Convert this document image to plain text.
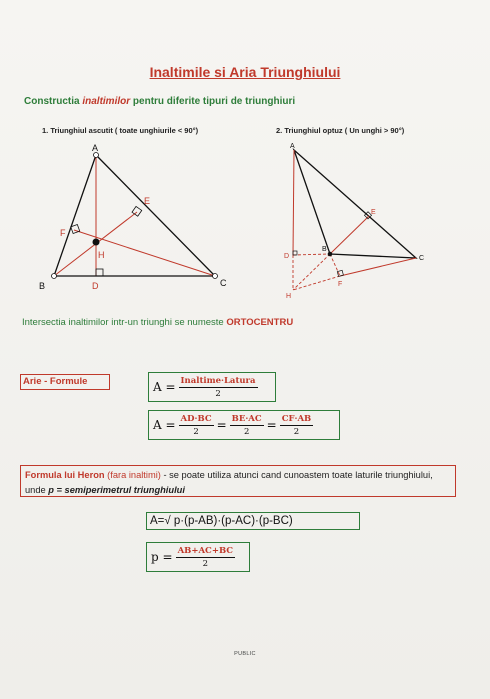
Inaltimile si Aria Triunghiului
Constructia inaltimilor pentru diferite tipuri de triunghiuri
1. Triunghiul ascutit ( toate unghiurile < 90°)
A
B	C
D
E
F
H
2. Triunghiul optuz ( Un unghi > 90°)
A
B
C
D
E
F
H
Intersectia inaltimilor intr-un triunghi se numeste ORTOCENTRU
Arie - Formule	$A = \frac{\text{Inaltime·Latura}}{2}$
$A = \frac{AD\cdot BC}{2} = \frac{BE\cdot AC}{2} = \frac{CF\cdot AB}{2}$
Formula lui Heron (fara inaltimi) - se poate utiliza atunci cand cunoastem toate laturile triunghiului, unde p = semiperimetrul triunghiului
A=√ p·(p-AB)·(p-AC)·(p-BC)
$p = \frac{AB+AC+BC}{2}$
PUBLIC
